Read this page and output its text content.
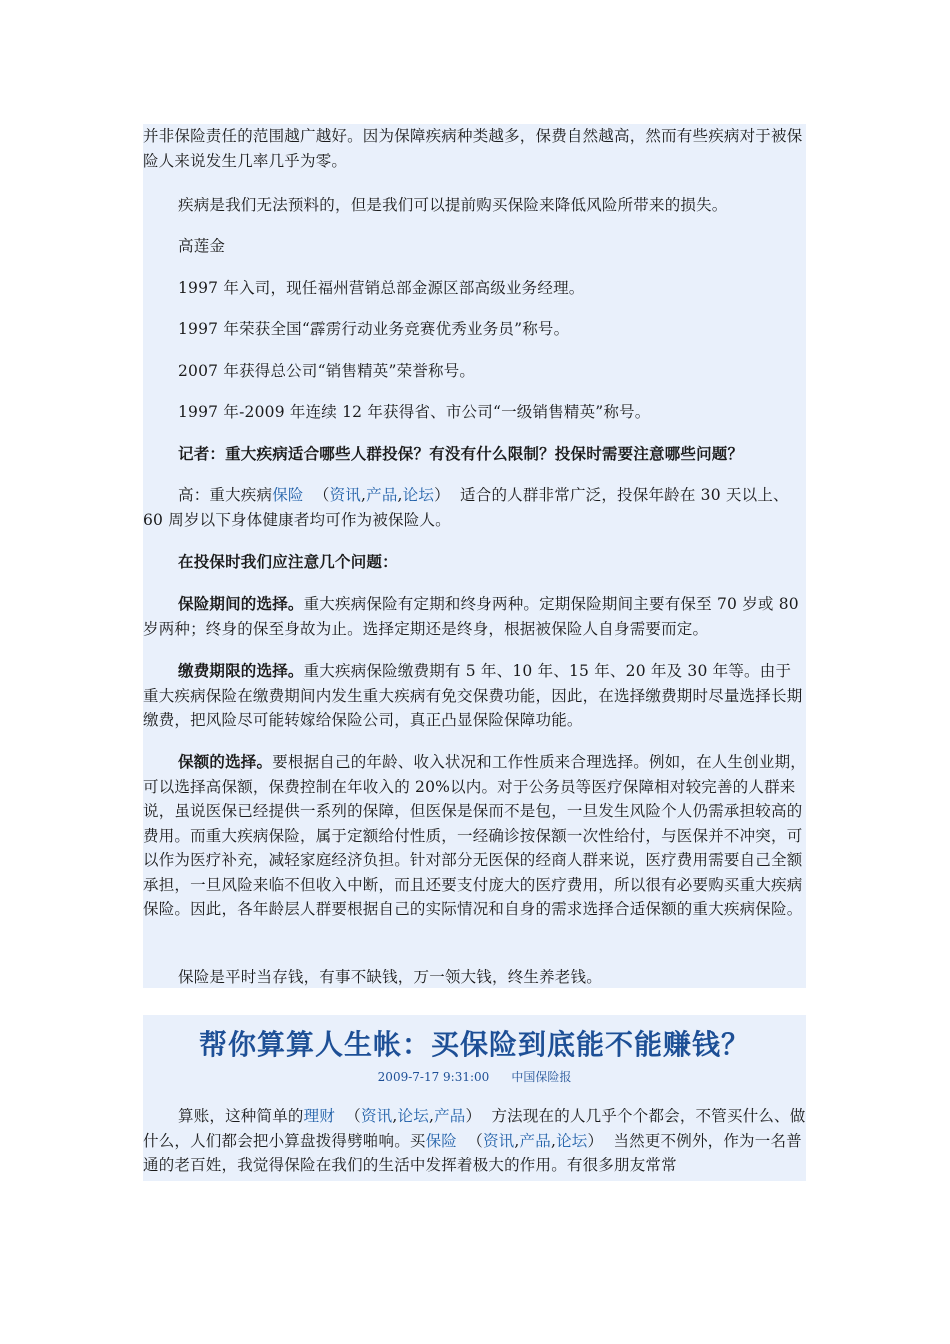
并非保险责任的范围越广越好。因为保障疾病种类越多，保费自然越高，然而有些疾病对于被保险人来说发生几率几乎为零。

疾病是我们无法预料的，但是我们可以提前购买保险来降低风险所带来的损失。

高莲金

1997 年入司，现任福州营销总部金源区部高级业务经理。

1997 年荣获全国“霹雳行动业务竞赛优秀业务员”称号。

2007 年获得总公司“销售精英”荣誉称号。

1997 年-2009 年连续 12 年获得省、市公司“一级销售精英”称号。

记者：重大疾病适合哪些人群投保？有没有什么限制？投保时需要注意哪些问题？

高：重大疾病保险 （资讯,产品,论坛） 适合的人群非常广泛，投保年龄在 30 天以上、60 周岁以下身体健康者均可作为被保险人。

在投保时我们应注意几个问题：

保险期间的选择。重大疾病保险有定期和终身两种。定期保险期间主要有保至 70 岁或 80 岁两种；终身的保至身故为止。选择定期还是终身，根据被保险人自身需要而定。

缴费期限的选择。重大疾病保险缴费期有 5 年、10 年、15 年、20 年及 30 年等。由于重大疾病保险在缴费期间内发生重大疾病有免交保费功能，因此，在选择缴费期时尽量选择长期缴费，把风险尽可能转嫁给保险公司，真正凸显保险保障功能。

保额的选择。要根据自己的年龄、收入状况和工作性质来合理选择。例如，在人生创业期，可以选择高保额，保费控制在年收入的 20%以内。对于公务员等医疗保障相对较完善的人群来说，虽说医保已经提供一系列的保障，但医保是保而不是包，一旦发生风险个人仍需承担较高的费用。而重大疾病保险，属于定额给付性质，一经确诊按保额一次性给付，与医保并不冲突，可以作为医疗补充，减轻家庭经济负担。针对部分无医保的经商人群来说，医疗费用需要自己全额承担，一旦风险来临不但收入中断，而且还要支付庞大的医疗费用，所以很有必要购买重大疾病保险。因此，各年龄层人群要根据自己的实际情况和自身的需求选择合适保额的重大疾病保险。

保险是平时当存钱，有事不缺钱，万一领大钱，终生养老钱。

帮你算算人生帐：买保险到底能不能赚钱？
2009-7-17 9:31:00 中国保险报

算账，这种简单的理财 （资讯,论坛,产品） 方法现在的人几乎个个都会，不管买什么、做什么，人们都会把小算盘拨得劈啪响。买保险 （资讯,产品,论坛） 当然更不例外，作为一名普通的老百姓，我觉得保险在我们的生活中发挥着极大的作用。有很多朋友常常
